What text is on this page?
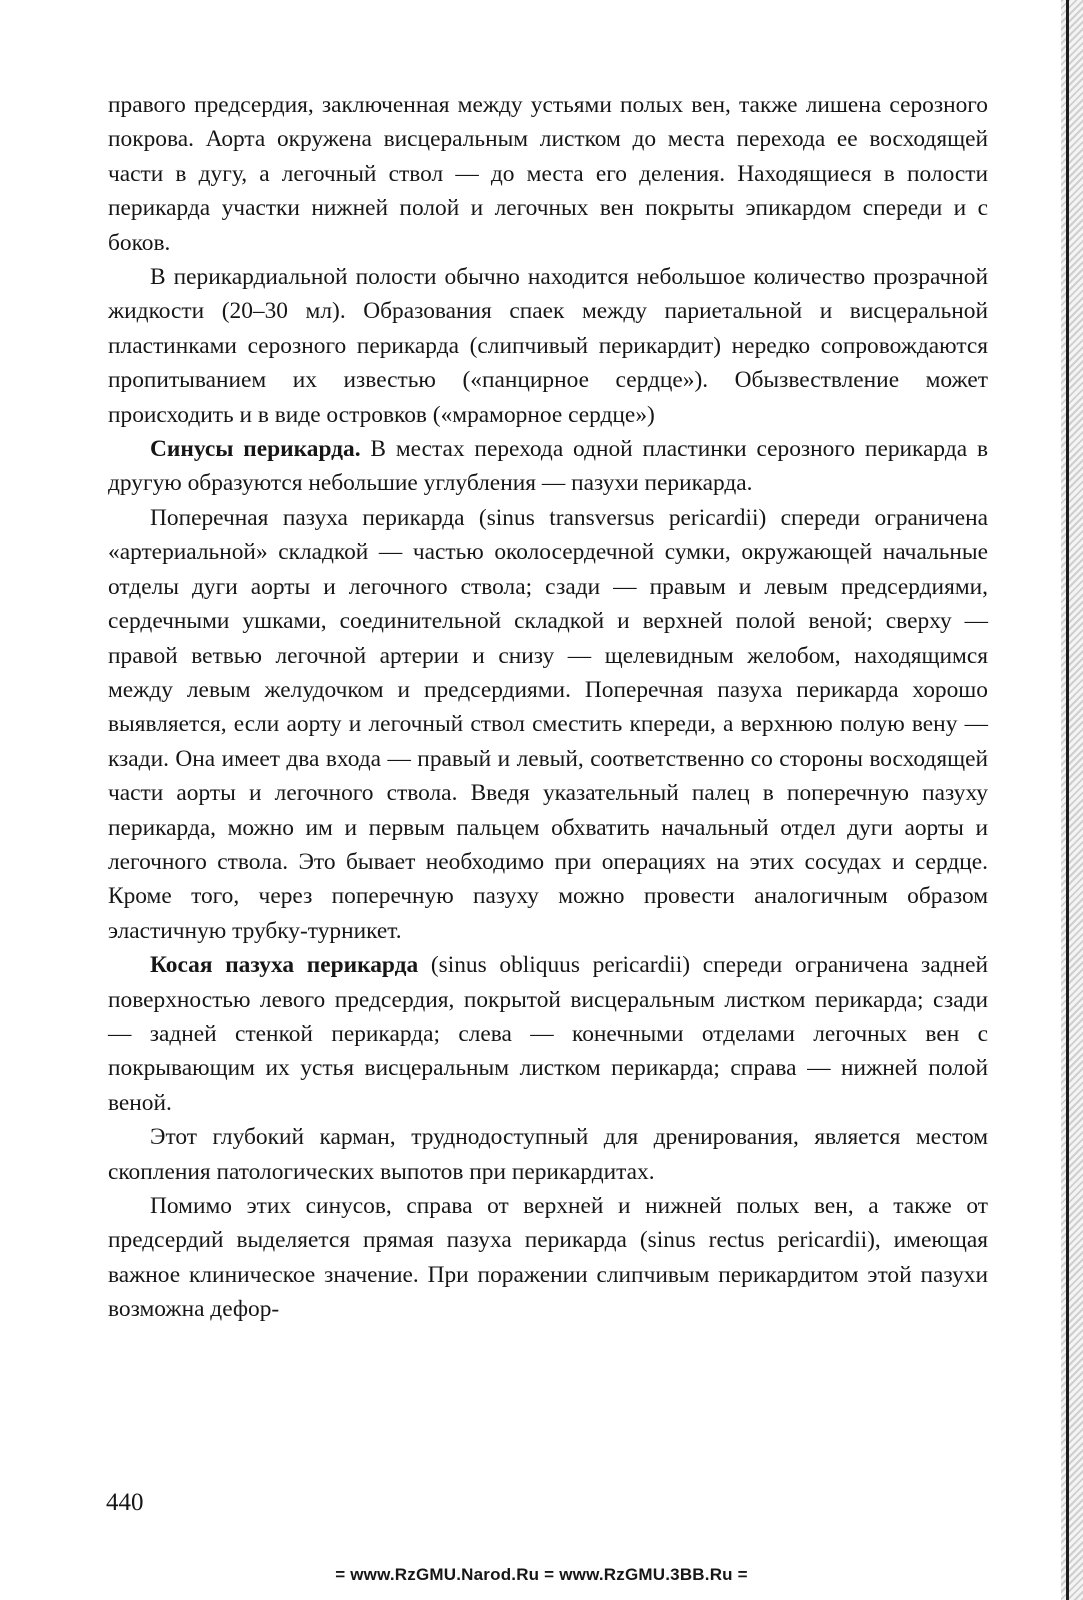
правого предсердия, заключенная между устьями полых вен, также лишена серозного покрова. Аорта окружена висцеральным листком до места перехода ее восходящей части в дугу, а легочный ствол — до места его деления. Находящиеся в полости перикарда участки нижней полой и легочных вен покрыты эпикардом спереди и с боков.

В перикардиальной полости обычно находится небольшое количество прозрачной жидкости (20–30 мл). Образования спаек между париетальной и висцеральной пластинками серозного перикарда (слипчивый перикардит) нередко сопровождаются пропитыванием их известью («панцирное сердце»). Обызвествление может происходить и в виде островков («мраморное сердце»)

Синусы перикарда. В местах перехода одной пластинки серозного перикарда в другую образуются небольшие углубления — пазухи перикарда.

Поперечная пазуха перикарда (sinus transversus pericardii) спереди ограничена «артериальной» складкой — частью околосердечной сумки, окружающей начальные отделы дуги аорты и легочного ствола; сзади — правым и левым предсердиями, сердечными ушками, соединительной складкой и верхней полой веной; сверху — правой ветвью легочной артерии и снизу — щелевидным желобом, находящимся между левым желудочком и предсердиями. Поперечная пазуха перикарда хорошо выявляется, если аорту и легочный ствол сместить кпереди, а верхнюю полую вену — кзади. Она имеет два входа — правый и левый, соответственно со стороны восходящей части аорты и легочного ствола. Введя указательный палец в поперечную пазуху перикарда, можно им и первым пальцем обхватить начальный отдел дуги аорты и легочного ствола. Это бывает необходимо при операциях на этих сосудах и сердце. Кроме того, через поперечную пазуху можно провести аналогичным образом эластичную трубку-турникет.

Косая пазуха перикарда (sinus obliquus pericardii) спереди ограничена задней поверхностью левого предсердия, покрытой висцеральным листком перикарда; сзади — задней стенкой перикарда; слева — конечными отделами легочных вен с покрывающим их устья висцеральным листком перикарда; справа — нижней полой веной.

Этот глубокий карман, труднодоступный для дренирования, является местом скопления патологических выпотов при перикардитах.

Помимо этих синусов, справа от верхней и нижней полых вен, а также от предсердий выделяется прямая пазуха перикарда (sinus rectus pericardii), имеющая важное клиническое значение. При поражении слипчивым перикардитом этой пазухи возможна дефор-

440
= www.RzGMU.Narod.Ru = www.RzGMU.3BB.Ru =
